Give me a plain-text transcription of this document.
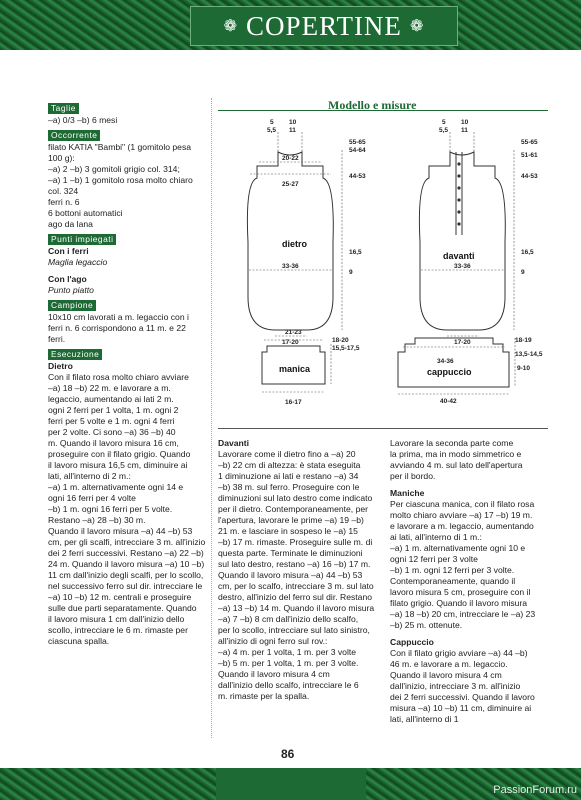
❁ COPERTINE ❁
Taglie
–a) 0/3 –b) 6 mesi
Occorrente
filato KATIA "Bambi" (1 gomitolo pesa
100 g):
–a) 2 –b) 3 gomitoli grigio col. 314;
–a) 1 –b) 1 gomitolo rosa molto chiaro
col. 324
ferri n. 6
6 bottoni automatici
ago da lana
Punti impiegati
Con i ferri
Maglia legaccio
Con l'ago
Punto piatto
Campione
10x10 cm lavorati a m. legaccio con i
ferri n. 6 corrispondono a 11 m. e 22
ferri.
Esecuzione
Dietro
Con il filato rosa molto chiaro avviare
–a) 18 –b) 22 m. e lavorare a m.
legaccio, aumentando ai lati 2 m.
ogni 2 ferri per 1 volta, 1 m. ogni 2
ferri per 5 volte e 1 m. ogni 4 ferri
per 2 volte. Ci sono –a) 36 –b) 40
m. Quando il lavoro misura 16 cm,
proseguire con il filato grigio. Quando
il lavoro misura 16,5 cm, diminuire ai
lati, all'interno di 2 m.:
–a) 1 m. alternativamente ogni 14 e
ogni 16 ferri per 4 volte
–b) 1 m. ogni 16 ferri per 5 volte.
Restano –a) 28 –b) 30 m.
Quando il lavoro misura –a) 44 –b) 53
cm, per gli scalfi, intrecciare 3 m. all'inizio
dei 2 ferri successivi. Restano –a) 22 –b)
24 m. Quando il lavoro misura –a) 10 –b)
11 cm dall'inizio degli scalfi, per lo scollo,
nel successivo ferro sul dir. intrecciare le
–a) 10 –b) 12 m. centrali e proseguire
sulle due parti separatamente. Quando
il lavoro misura 1 cm dall'inizio dello
scollo, intrecciare le 6 m. rimaste per
ciascuna spalla.
Modello e misure
5
5,5
10
11
20-22
25-27
33-36
17-20
55-65
54-64
44-53
16,5
9
5
5,5
10
11
33-36
17-20
55-65
51-61
44-53
16,5
9
21-23
16-17
18-20
15,5-17,5
34-36
40-42
18-19
13,5-14,5
9-10
dietro
davanti
manica	cappuccio
Davanti
Lavorare come il dietro fino a –a) 20
–b) 22 cm di altezza: è stata eseguita
1 diminuzione ai lati e restano –a) 34
–b) 38 m. sul ferro. Proseguire con le
diminuzioni sul lato destro come indicato
per il dietro. Contemporaneamente, per
l'apertura, lavorare le prime –a) 19 –b)
21 m. e lasciare in sospeso le –a) 15
–b) 17 m. rimaste. Proseguire sulle m. di
questa parte. Terminate le diminuzioni
sul lato destro, restano –a) 16 –b) 17 m.
Quando il lavoro misura –a) 44 –b) 53
cm, per lo scalfo, intrecciare 3 m. sul lato
destro, all'inizio del ferro sul dir. Restano
–a) 13 –b) 14 m. Quando il lavoro misura
–a) 7 –b) 8 cm dall'inizio dello scalfo,
per lo scollo, intrecciare sul lato sinistro,
all'inizio di ogni ferro sul rov.:
–a) 4 m. per 1 volta, 1 m. per 3 volte
–b) 5 m. per 1 volta, 1 m. per 3 volte.
Quando il lavoro misura 4 cm
dall'inizio dello scalfo, intrecciare le 6
m. rimaste per la spalla.
Lavorare la seconda parte come
la prima, ma in modo simmetrico e
avviando 4 m. sul lato dell'apertura
per il bordo.
Maniche
Per ciascuna manica, con il filato rosa
molto chiaro avviare –a) 17 –b) 19 m.
e lavorare a m. legaccio, aumentando
ai lati, all'interno di 1 m.:
–a) 1 m. alternativamente ogni 10 e
ogni 12 ferri per 3 volte
–b) 1 m. ogni 12 ferri per 3 volte.
Contemporaneamente, quando il
lavoro misura 5 cm, proseguire con il
filato grigio. Quando il lavoro misura
–a) 18 –b) 20 cm, intrecciare le –a) 23
–b) 25 m. ottenute.
Cappuccio
Con il filato grigio avviare –a) 44 –b)
46 m. e lavorare a m. legaccio.
Quando il lavoro misura 4 cm
dall'inizio, intrecciare 3 m. all'inizio
dei 2 ferri successivi. Quando il lavoro
misura –a) 10 –b) 11 cm, diminuire ai
lati, all'interno di 1
86
PassionForum.ru
